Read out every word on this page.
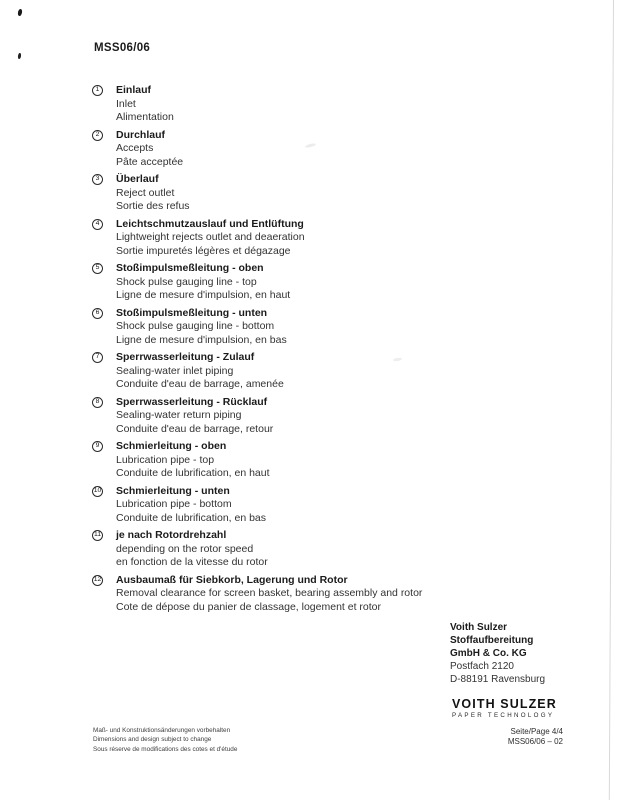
MSS06/06
1 Einlauf
Inlet
Alimentation
2 Durchlauf
Accepts
Pâte acceptée
3 Überlauf
Reject outlet
Sortie des refus
4 Leichtschmutzauslauf und Entlüftung
Lightweight rejects outlet and deaeration
Sortie impuretés légères et dégazage
5 Stoßimpulsmeßleitung - oben
Shock pulse gauging line - top
Ligne de mesure d'impulsion, en haut
6 Stoßimpulsmeßleitung - unten
Shock pulse gauging line - bottom
Ligne de mesure d'impulsion, en bas
7 Sperrwasserleitung - Zulauf
Sealing-water inlet piping
Conduite d'eau de barrage, amenée
8 Sperrwasserleitung - Rücklauf
Sealing-water return piping
Conduite d'eau de barrage, retour
9 Schmierleitung - oben
Lubrication pipe - top
Conduite de lubrification, en haut
10 Schmierleitung - unten
Lubrication pipe - bottom
Conduite de lubrification, en bas
11 je nach Rotordrehzahl
depending on the rotor speed
en fonction de la vitesse du rotor
12 Ausbaumaß für Siebkorb, Lagerung und Rotor
Removal clearance for screen basket, bearing assembly and rotor
Cote de dépose du panier de classage, logement et rotor
Voith Sulzer
Stoffaufbereitung
GmbH & Co. KG
Postfach 2120
D-88191 Ravensburg
VOITH SULZER
PAPER TECHNOLOGY
Maß- und Konstruktionsänderungen vorbehalten
Dimensions and design subject to change
Sous réserve de modifications des cotes et d'étude
Seite/Page 4/4
MSS06/06 – 02
